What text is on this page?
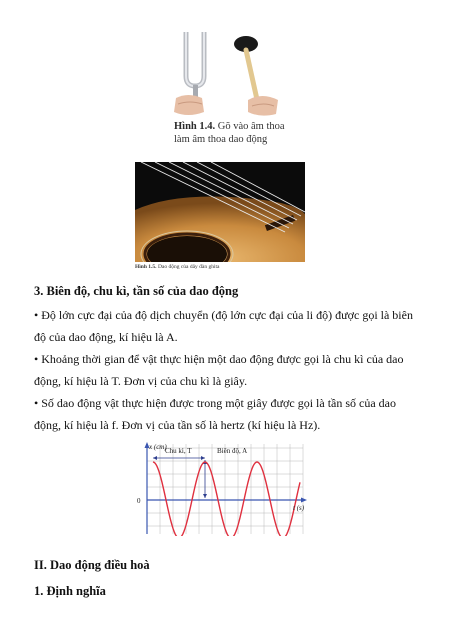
Hình 1.4. Gõ vào âm thoa làm âm thoa dao động
Hình 1.5. Dao động của dây đàn ghita
3. Biên độ, chu kì, tần số của dao động
• Độ lớn cực đại của độ dịch chuyển (độ lớn cực đại của li độ) được gọi là biên độ của dao động, kí hiệu là A.
• Khoảng thời gian để vật thực hiện một dao động được gọi là chu kì của dao động, kí hiệu là T. Đơn vị của chu kì là giây.
• Số dao động vật thực hiện được trong một giây được gọi là tần số của dao động, kí hiệu là f. Đơn vị của tần số là hertz (kí hiệu là Hz).
x (cm)
Chu kì, T	Biên độ, A
0
t (s)
II. Dao động điều hoà
1. Định nghĩa
